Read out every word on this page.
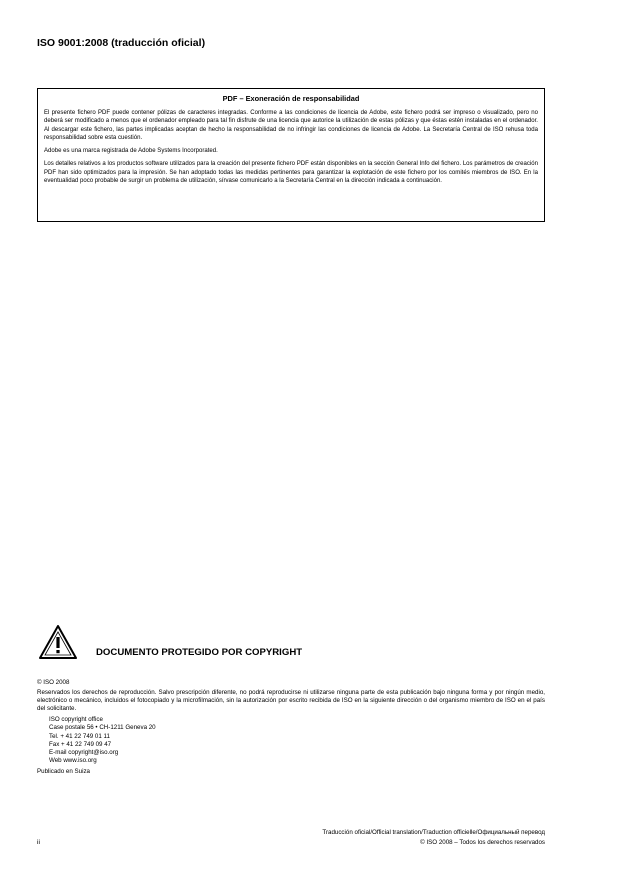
ISO 9001:2008 (traducción oficial)
PDF – Exoneración de responsabilidad

El presente fichero PDF puede contener pólizas de caracteres integradas. Conforme a las condiciones de licencia de Adobe, este fichero podrá ser impreso o visualizado, pero no deberá ser modificado a menos que el ordenador empleado para tal fin disfrute de una licencia que autorice la utilización de estas pólizas y que éstas estén instaladas en el ordenador. Al descargar este fichero, las partes implicadas aceptan de hecho la responsabilidad de no infringir las condiciones de licencia de Adobe. La Secretaría Central de ISO rehusa toda responsabilidad sobre esta cuestión.

Adobe es una marca registrada de Adobe Systems Incorporated.

Los detalles relativos a los productos software utilizados para la creación del presente fichero PDF están disponibles en la sección General Info del fichero. Los parámetros de creación PDF han sido optimizados para la impresión. Se han adoptado todas las medidas pertinentes para garantizar la explotación de este fichero por los comités miembros de ISO. En la eventualidad poco probable de surgir un problema de utilización, sírvase comunicarlo a la Secretaría Central en la dirección indicada a continuación.

DOCUMENTO PROTEGIDO POR COPYRIGHT
© ISO 2008
Reservados los derechos de reproducción. Salvo prescripción diferente, no podrá reproducirse ni utilizarse ninguna parte de esta publicación bajo ninguna forma y por ningún medio, electrónico o mecánico, incluidos el fotocopiado y la microfilmación, sin la autorización por escrito recibida de ISO en la siguiente dirección o del organismo miembro de ISO en el país del solicitante.
ISO copyright office
Case postale 56 • CH-1211 Geneva 20
Tel. + 41 22 749 01 11
Fax + 41 22 749 09 47
E-mail copyright@iso.org
Web www.iso.org
Publicado en Suiza
Traducción oficial/Official translation/Traduction officielle/Официальный перевод
© ISO 2008 – Todos los derechos reservados
ii
